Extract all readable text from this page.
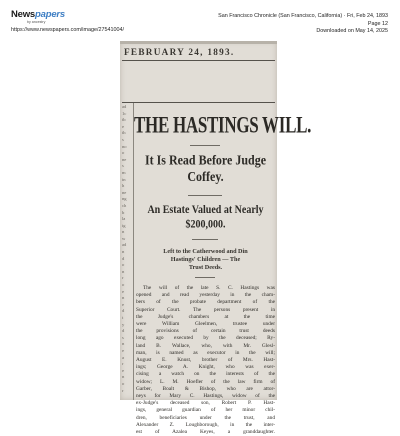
Newspapers
by ancestry
https://www.newspapers.com/image/27541004/
San Francisco Chronicle (San Francisco, California) · Fri, Feb 24, 1893
Page 12
Downloaded on May 14, 2025
FEBRUARY 24, 1893.
ad
1c
tb
e
th
s
no
o
ne
s
m
in
h
ne
ng
ch
b
la
ig
n
w
ad
n
d
o
n
r
o
e
n
e
d
t
y
d
s
n
e
a
r
e
n
o
r
THE HASTINGS WILL.
It Is Read Before Judge
Coffey.
An Estate Valued at Nearly
$200,000.
Left to the Catherwood and Din
Hastings' Children — The
Trust Deeds.
The will of the late S. C. Hastings was
opened and read yesterday in the cham-
bers of the probate department of the
Superior Court. The persons present in
the Judge's chambers at the time
were William Gleelmen, trustee under
the provisions of certain trust deeds
long ago executed by the deceased; Ry-
land B. Wallace, who, with Mr. Glesl-
man, is named as executor in the will;
August E. Knust, brother of Mrs. Hast-
ings; George A. Knight, who was exer-
cising a watch on the interests of the
widow; L. M. Hoefler of the law firm of
Garber, Boalt & Bishop, who are attor-
neys for Mary C. Hastings, widow of the
ex-Judge's deceased son, Robert P. Hast-
ings, general guardian of her minor chil-
dren, beneficiaries under the trust, and
Alexander Z. Loughborough, in the inter-
est of Azalea Keyes, a granddaughter.
